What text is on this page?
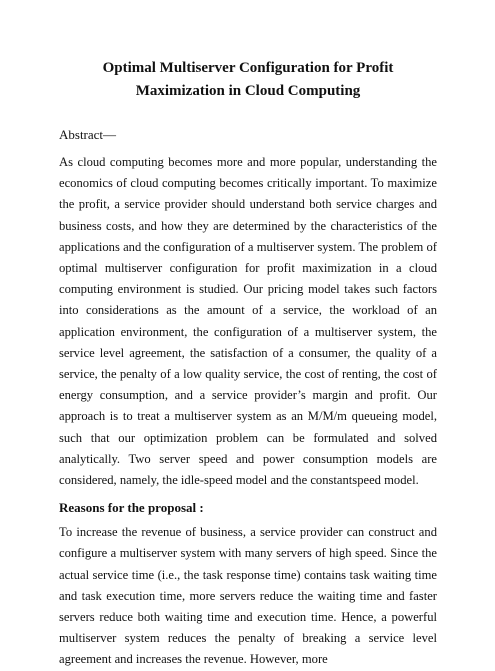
Optimal Multiserver Configuration for Profit
Maximization in Cloud Computing

Abstract—

As cloud computing becomes more and more popular, understanding the economics of cloud computing becomes critically important. To maximize the profit, a service provider should understand both service charges and business costs, and how they are determined by the characteristics of the applications and the configuration of a multiserver system. The problem of optimal multiserver configuration for profit maximization in a cloud computing environment is studied. Our pricing model takes such factors into considerations as the amount of a service, the workload of an application environment, the configuration of a multiserver system, the service level agreement, the satisfaction of a consumer, the quality of a service, the penalty of a low quality service, the cost of renting, the cost of energy consumption, and a service provider’s margin and profit. Our approach is to treat a multiserver system as an M/M/m queueing model, such that our optimization problem can be formulated and solved analytically. Two server speed and power consumption models are considered, namely, the idle-speed model and the constantspeed model.

Reasons for the proposal :

To increase the revenue of business, a service provider can construct and configure a multiserver system with many servers of high speed. Since the actual service time (i.e., the task response time) contains task waiting time and task execution time, more servers reduce the waiting time and faster servers reduce both waiting time and execution time. Hence, a powerful multiserver system reduces the penalty of breaking a service level agreement and increases the revenue. However, more
